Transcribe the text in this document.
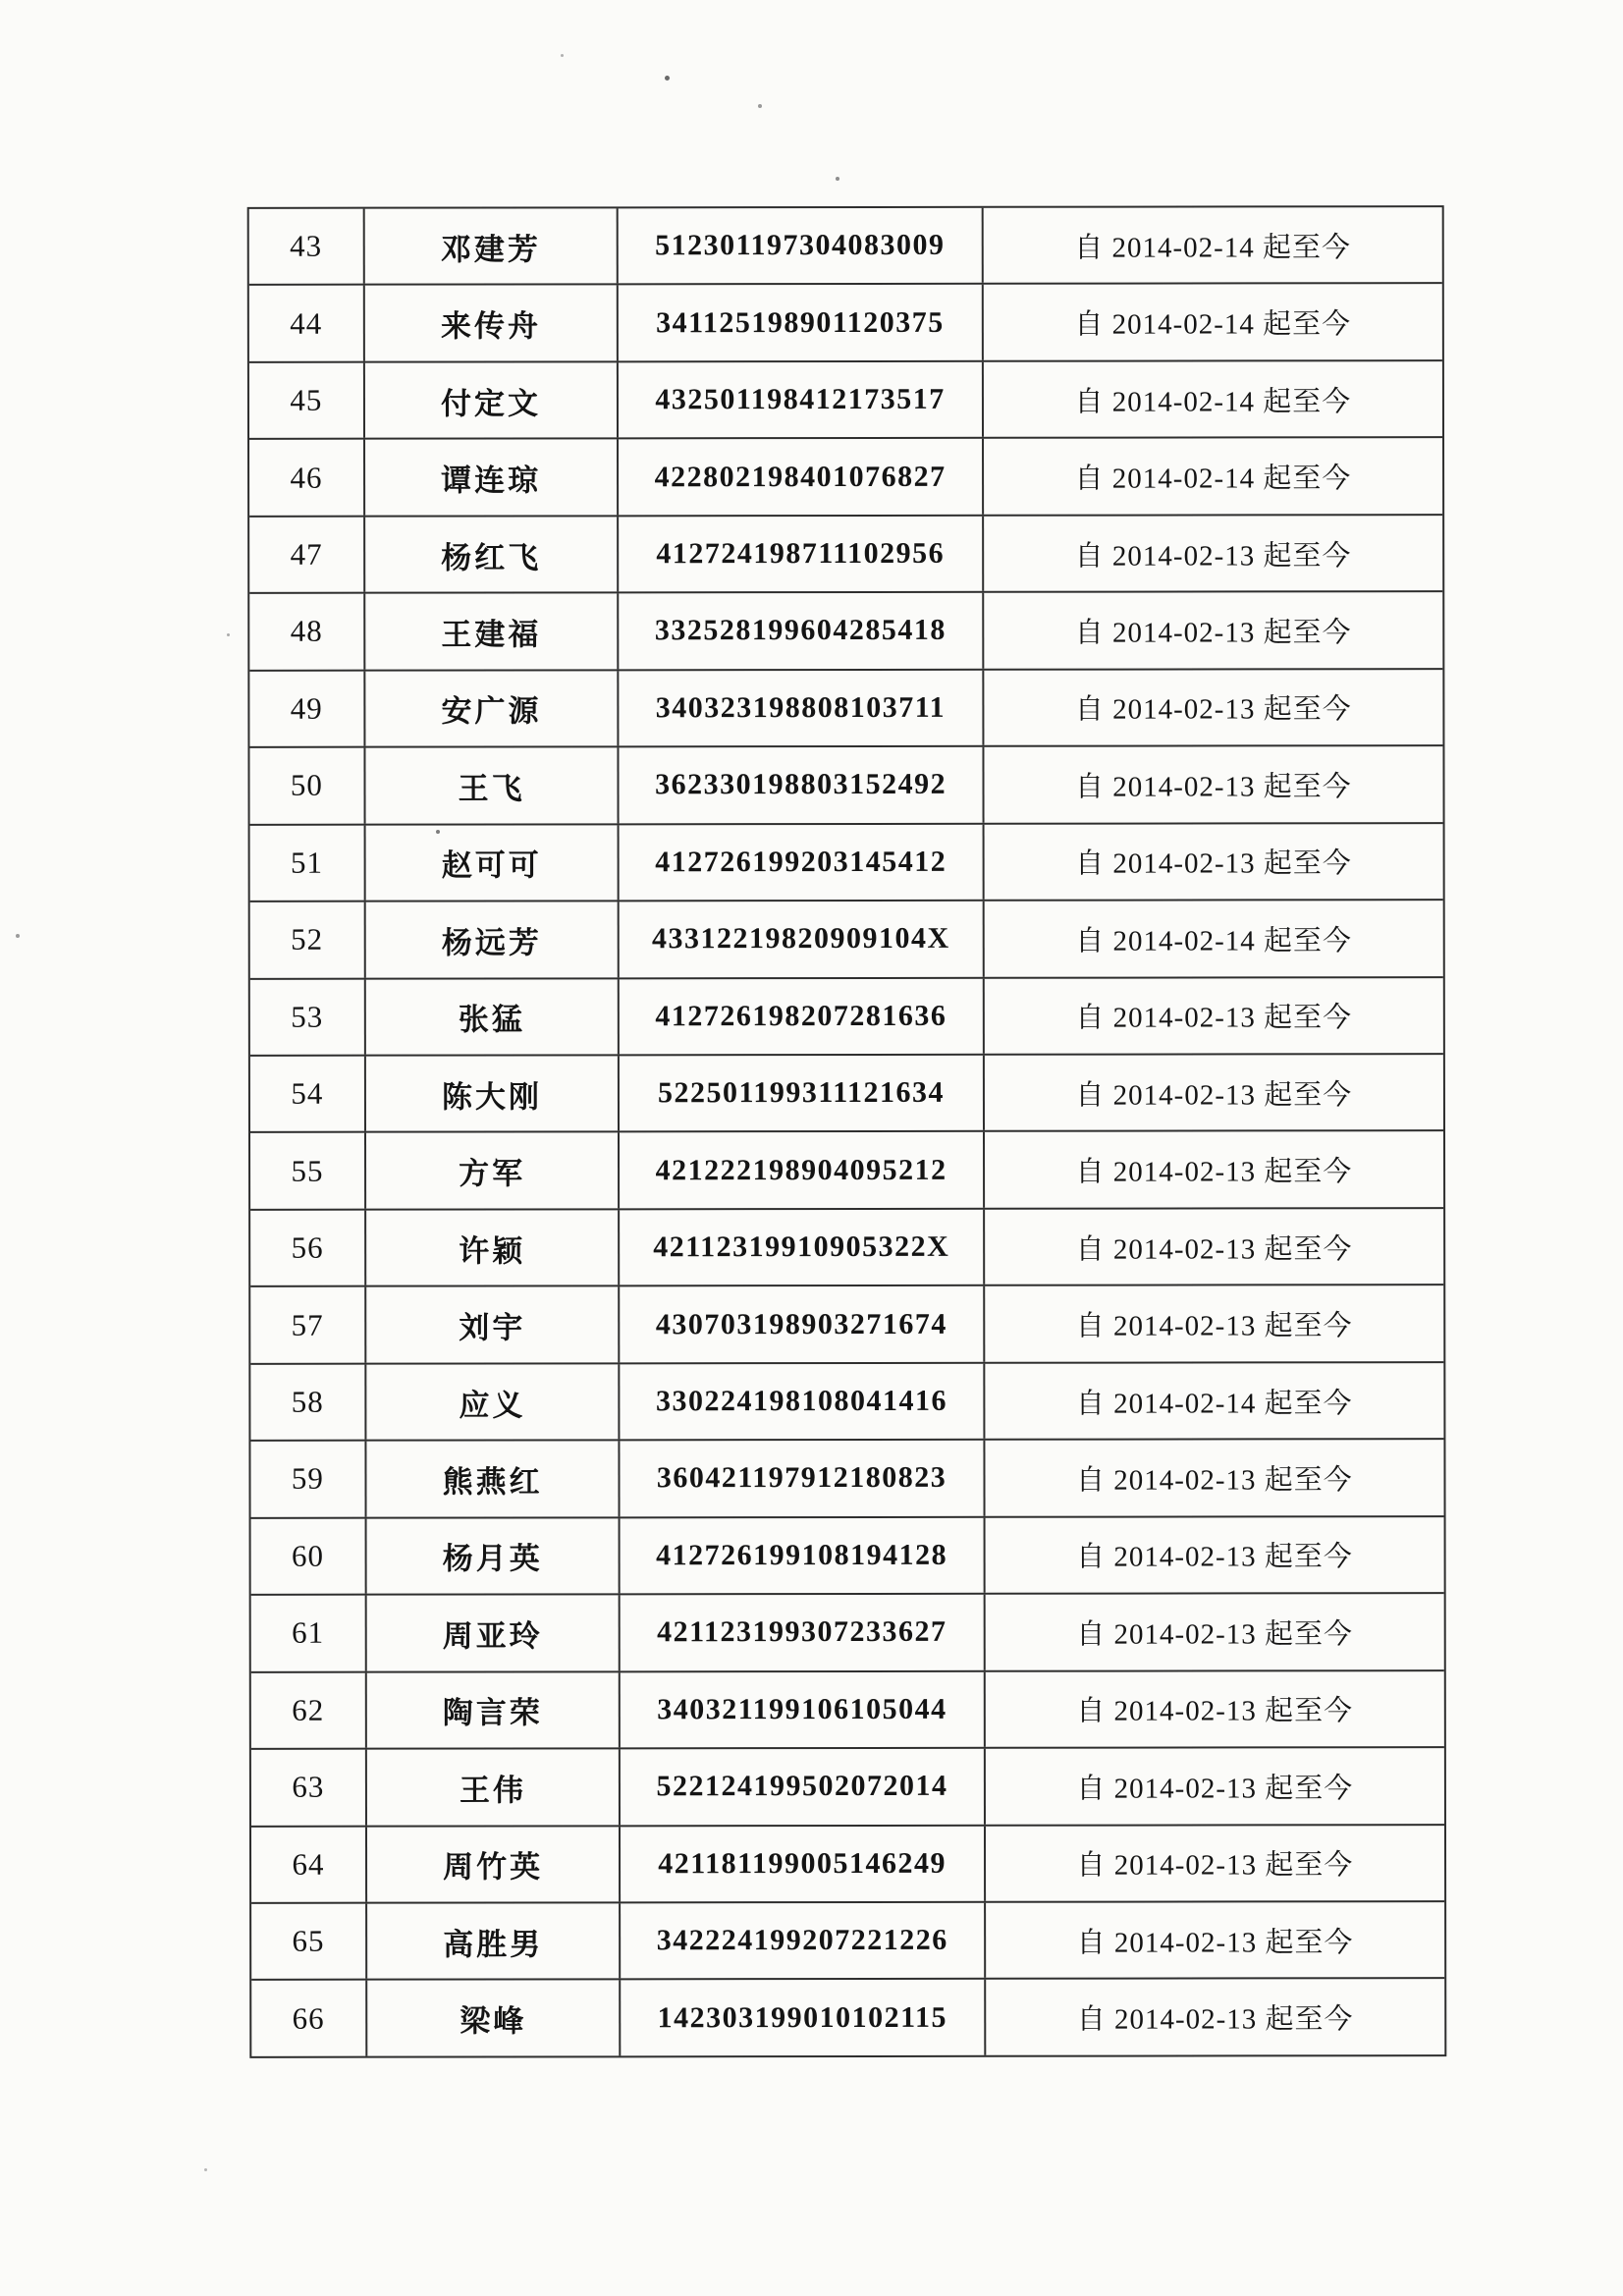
43	邓建芳	512301197304083009	自 2014-02-14 起至今
44	来传舟	341125198901120375	自 2014-02-14 起至今
45	付定文	432501198412173517	自 2014-02-14 起至今
46	谭连琼	422802198401076827	自 2014-02-14 起至今
47	杨红飞	412724198711102956	自 2014-02-13 起至今
48	王建福	332528199604285418	自 2014-02-13 起至今
49	安广源	340323198808103711	自 2014-02-13 起至今
50	王飞	362330198803152492	自 2014-02-13 起至今
51	赵可可	412726199203145412	自 2014-02-13 起至今
52	杨远芳	43312219820909104X	自 2014-02-14 起至今
53	张猛	412726198207281636	自 2014-02-13 起至今
54	陈大刚	522501199311121634	自 2014-02-13 起至今
55	方军	421222198904095212	自 2014-02-13 起至今
56	许颖	42112319910905322X	自 2014-02-13 起至今
57	刘宇	430703198903271674	自 2014-02-13 起至今
58	应义	330224198108041416	自 2014-02-14 起至今
59	熊燕红	360421197912180823	自 2014-02-13 起至今
60	杨月英	412726199108194128	自 2014-02-13 起至今
61	周亚玲	421123199307233627	自 2014-02-13 起至今
62	陶言荣	340321199106105044	自 2014-02-13 起至今
63	王伟	522124199502072014	自 2014-02-13 起至今
64	周竹英	421181199005146249	自 2014-02-13 起至今
65	高胜男	342224199207221226	自 2014-02-13 起至今
66	梁峰	142303199010102115	自 2014-02-13 起至今
